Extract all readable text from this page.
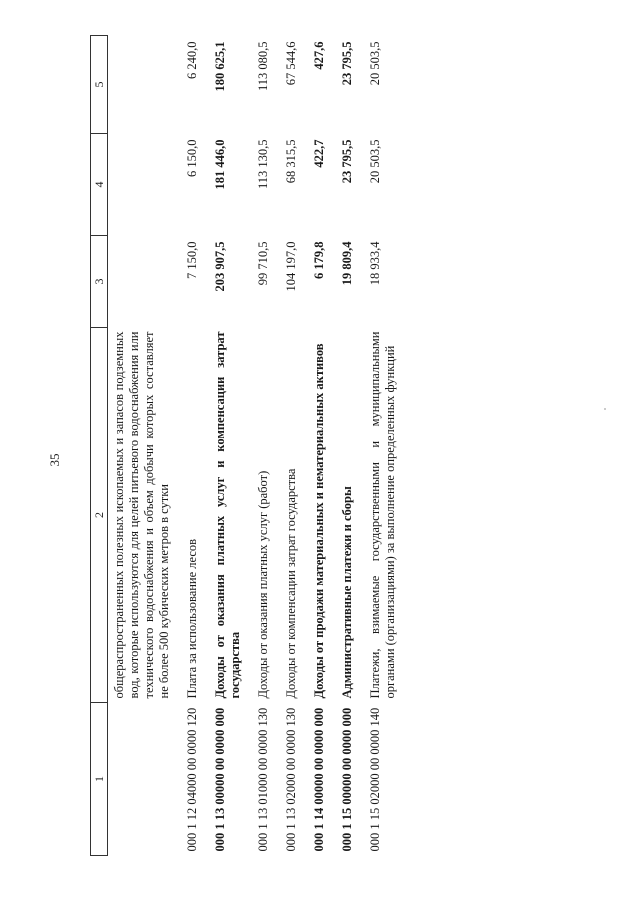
35
1	2	3	4	5
	общераспространенных полезных ископаемых и запасов подземных вод, которые используются для целей питьевого водоснабжения или технического водоснабжения и объем добычи которых составляет не более 500 кубических метров в сутки			
000 1 12 04000 00 0000 120	Плата за использование лесов	7 150,0	6 150,0	6 240,0
000 1 13 00000 00 0000 000	Доходы от оказания платных услуг и компенсации затрат государства	203 907,5	181 446,0	180 625,1
000 1 13 01000 00 0000 130	Доходы от оказания платных услуг (работ)	99 710,5	113 130,5	113 080,5
000 1 13 02000 00 0000 130	Доходы от компенсации затрат государства	104 197,0	68 315,5	67 544,6
000 1 14 00000 00 0000 000	Доходы от продажи материальных и нематериальных активов	6 179,8	422,7	427,6
000 1 15 00000 00 0000 000	Административные платежи и сборы	19 809,4	23 795,5	23 795,5
000 1 15 02000 00 0000 140	Платежи, взимаемые государственными и муниципальными органами (организациями) за выполнение определенных функций	18 933,4	20 503,5	20 503,5
